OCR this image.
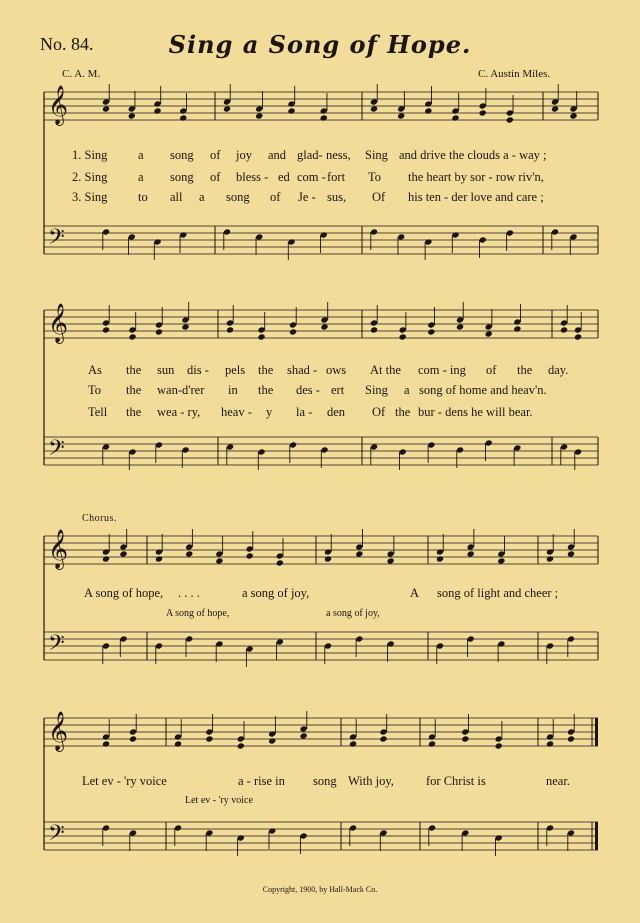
No. 84.	Sing a Song of Hope.
C. A. M.	C. Austin Miles.
𝄞
𝄢
𝄞
𝄢
𝄞
𝄢
𝄞
𝄢
1. Sing a song of joy and glad- ness, Sing and drive the clouds a - way ;
2. Sing a song of bless - ed com - fort To the heart by sor - row riv'n,
3. Sing to all a song of Je - sus, Of his ten - der love and care ;
As the sun dis - pels the shad - ows At the com - ing of the day.
To the wan-d'rer in the des - ert Sing a song of home and heav'n.
Tell the wea - ry, heav - y la - den Of the bur - dens he will bear.
Chorus.
A song of hope, . . . .	a song of joy,	A song of light and cheer ;
A song of hope,	a song of joy,
Let ev - 'ry voice	a - rise in song With joy,	for Christ is	near.
Let ev - 'ry voice
Copyright, 1900, by Hall-Mack Co.
